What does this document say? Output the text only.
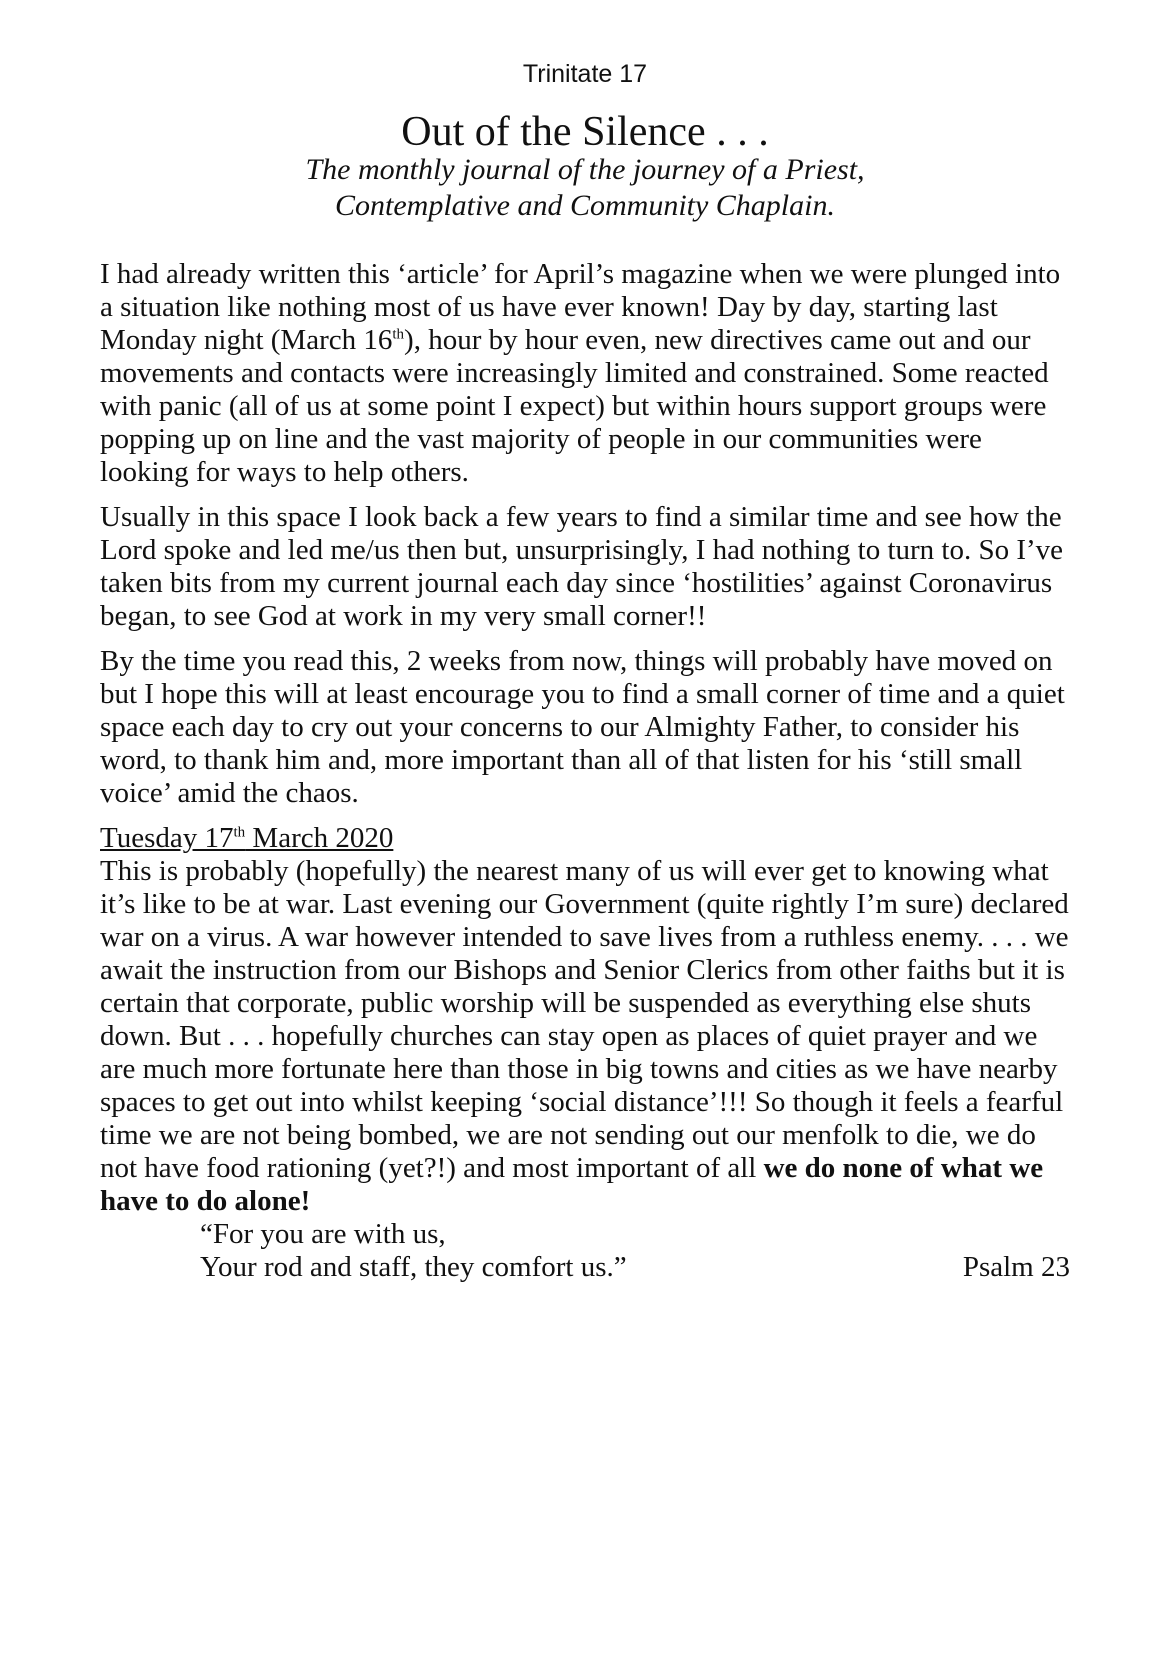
Trinitate 17
Out of the Silence . . .
The monthly journal of the journey of a Priest,
Contemplative and Community Chaplain.

I had already written this ‘article’ for April’s magazine when we were plunged into a situation like nothing most of us have ever known! Day by day, starting last Monday night (March 16th), hour by hour even, new directives came out and our movements and contacts were increasingly limited and constrained. Some reacted with panic (all of us at some point I expect) but within hours support groups were popping up on line and the vast majority of people in our communities were looking for ways to help others.

Usually in this space I look back a few years to find a similar time and see how the Lord spoke and led me/us then but, unsurprisingly, I had nothing to turn to. So I’ve taken bits from my current journal each day since ‘hostilities’ against Coronavirus began, to see God at work in my very small corner!!

By the time you read this, 2 weeks from now, things will probably have moved on but I hope this will at least encourage you to find a small corner of time and a quiet space each day to cry out your concerns to our Almighty Father, to consider his word, to thank him and, more important than all of that listen for his ‘still small voice’ amid the chaos.

Tuesday 17th March 2020

This is probably (hopefully) the nearest many of us will ever get to knowing what it’s like to be at war. Last evening our Government (quite rightly I’m sure) declared war on a virus. A war however intended to save lives from a ruthless enemy. . . . we await the instruction from our Bishops and Senior Clerics from other faiths but it is certain that corporate, public worship will be suspended as everything else shuts down. But . . . hopefully churches can stay open as places of quiet prayer and we are much more fortunate here than those in big towns and cities as we have nearby spaces to get out into whilst keeping ‘social distance’!!! So though it feels a fearful time we are not being bombed, we are not sending out our menfolk to die, we do not have food rationing (yet?!) and most important of all we do none of what we have to do alone!

“For you are with us,
Your rod and staff, they comfort us.”	Psalm 23
